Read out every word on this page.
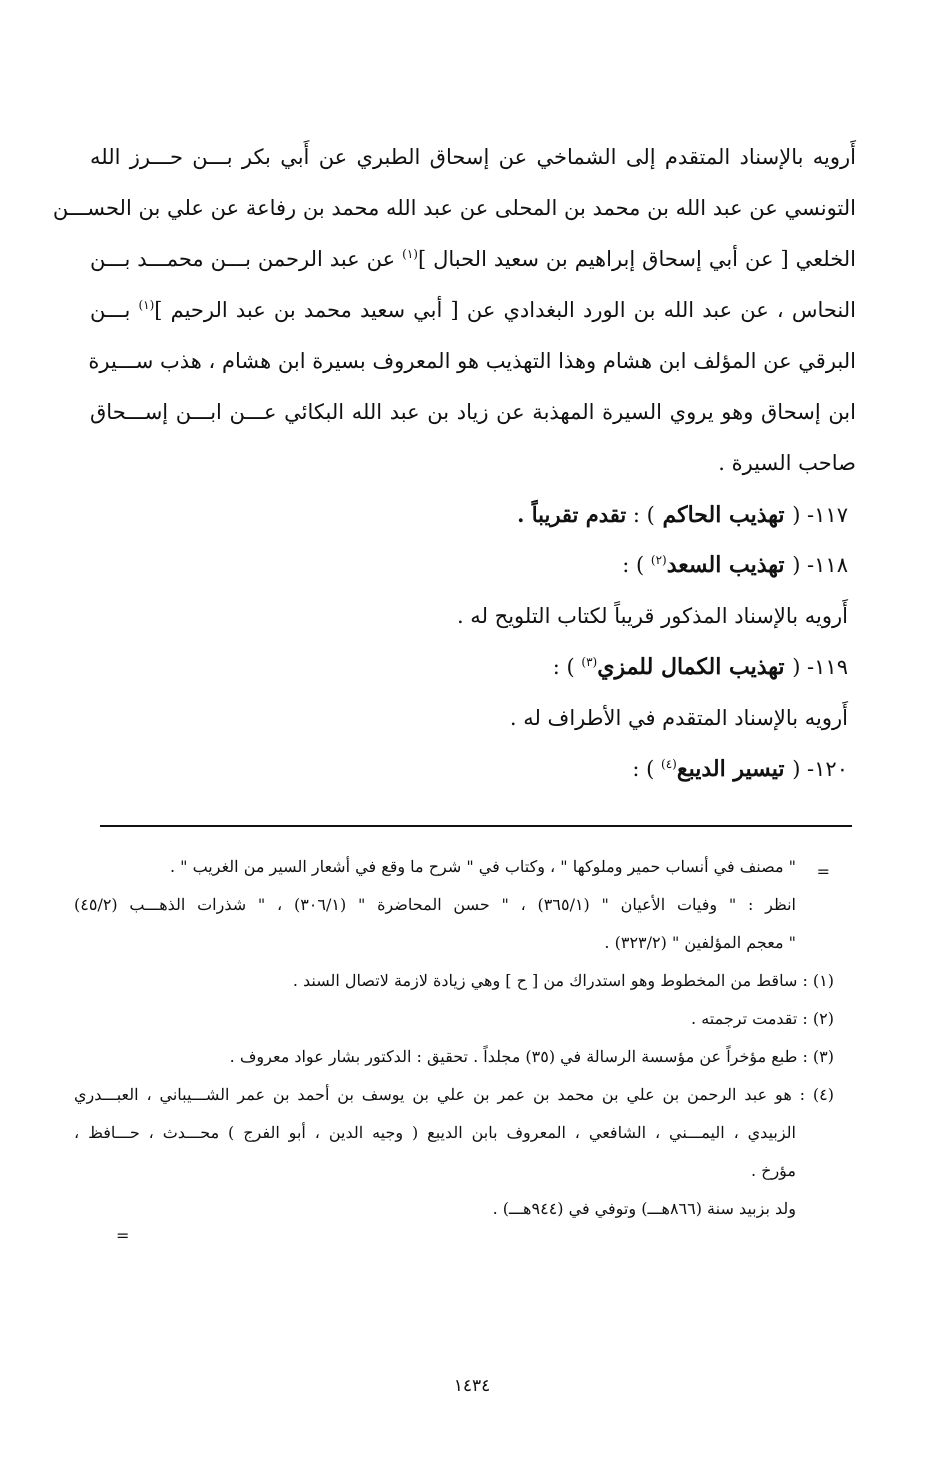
أَرويه بالإسناد المتقدم إلى الشماخي عن إسحاق الطبري عن أَبي بكر بـــن حـــرز الله
التونسي عن عبد الله بن محمد بن المحلى عن عبد الله محمد بن رفاعة عن علي بن الحســـن
الخلعي [ عن أبي إسحاق إبراهيم بن سعيد الحبال ]$^{(١)}$ عن عبد الرحمن بـــن محمـــد بـــن
النحاس ، عن عبد الله بن الورد البغدادي عن [ أبي سعيد محمد بن عبد الرحيم ]$^{(١)}$ بـــن
البرقي عن المؤلف ابن هشام وهذا التهذيب هو المعروف بسيرة ابن هشام ، هذب ســـيرة
ابن إسحاق وهو يروي السيرة المهذبة عن زياد بن عبد الله البكائي عـــن ابـــن إســـحاق
صاحب السيرة .
١١٧- ( تهذيب الحاكم ) : تقدم تقريباً .
١١٨- ( تهذيب السعد$^{(٢)}$ ) :
أَرويه بالإسناد المذكور قريباً لكتاب التلويح له .
١١٩- ( تهذيب الكمال للمزي$^{(٣)}$ ) :
أَرويه بالإسناد المتقدم في الأطراف له .
١٢٠- ( تيسير الديبع$^{(٤)}$ ) :
=
" مصنف في أنساب حمير وملوكها " ، وكتاب في " شرح ما وقع في أشعار السير من الغريب " .
انظر : " وفيات الأعيان " (٣٦٥/١) ، " حسن المحاضرة " (٣٠٦/١) ، " شذرات الذهـــب (٤٥/٢)
" معجم المؤلفين " (٣٢٣/٢) .
(١) : ساقط من المخطوط وهو استدراك من [ ح ] وهي زيادة لازمة لاتصال السند .
(٢) : تقدمت ترجمته .
(٣) : طبع مؤخراً عن مؤسسة الرسالة في (٣٥) مجلداً . تحقيق : الدكتور بشار عواد معروف .
(٤) : هو عبد الرحمن بن علي بن محمد بن عمر بن علي بن يوسف بن أحمد بن عمر الشـــيباني ، العبـــدري
الزبيدي ، اليمـــني ، الشافعي ، المعروف بابن الديبع ( وجيه الدين ، أبو الفرج ) محـــدث ، حـــافظ ،
مؤرخ .
ولد بزبيد سنة (٨٦٦هـــ) وتوفي في (٩٤٤هـــ) .
=
١٤٣٤
